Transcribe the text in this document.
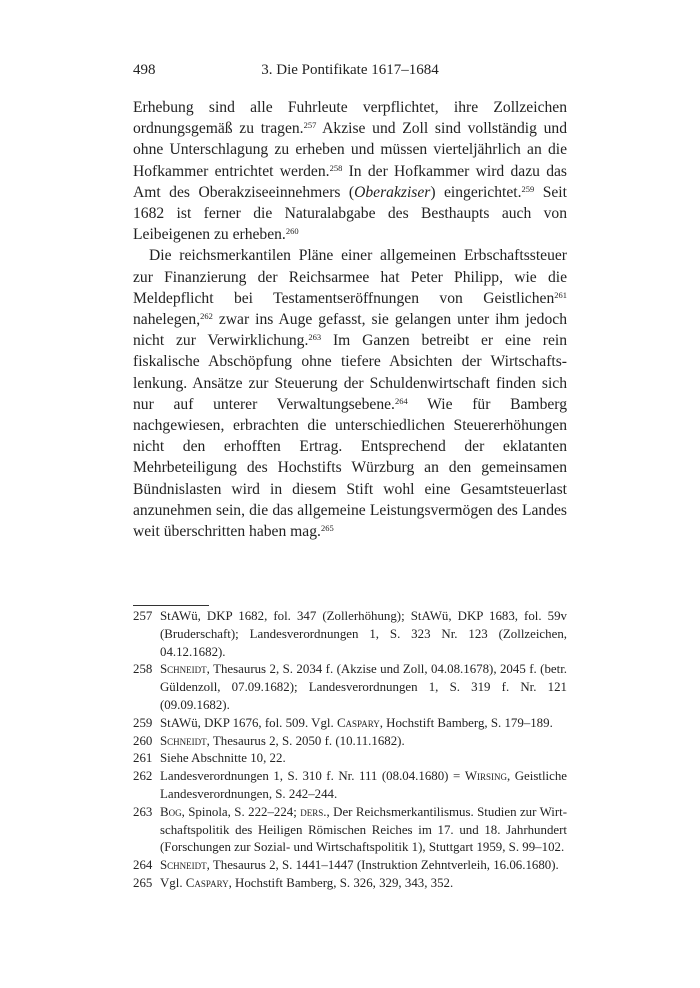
498	3. Die Pontifikate 1617–1684

Erhebung sind alle Fuhrleute verpflichtet, ihre Zollzeichen ordnungsgemäß zu tragen.$^{257}$ Akzise und Zoll sind vollständig und ohne Unterschlagung zu erheben und müssen vierteljährlich an die Hofkammer entrichtet werden.$^{258}$ In der Hofkammer wird dazu das Amt des Oberakziseeinnehmers (Oberakziser) eingerichtet.$^{259}$ Seit 1682 ist ferner die Naturalabgabe des Besthaupts auch von Leibeigenen zu erheben.$^{260}$

Die reichsmerkantilen Pläne einer allgemeinen Erbschaftssteuer zur Finanzierung der Reichsarmee hat Peter Philipp, wie die Meldepflicht bei Testamentseröffnungen von Geistlichen$^{261}$ nahelegen,$^{262}$ zwar ins Auge gefasst, sie gelangen unter ihm jedoch nicht zur Verwirklichung.$^{263}$ Im Ganzen betreibt er eine rein fiskalische Abschöpfung ohne tiefere Absichten der Wirtschaftslenkung. Ansätze zur Steuerung der Schuldenwirtschaft finden sich nur auf unterer Verwaltungsebene.$^{264}$ Wie für Bamberg nachgewiesen, erbrachten die unterschiedlichen Steuererhöhungen nicht den erhofften Ertrag. Entsprechend der eklatanten Mehrbeteiligung des Hochstifts Würzburg an den gemeinsamen Bündnislasten wird in diesem Stift wohl eine Gesamtsteuerlast anzunehmen sein, die das allgemeine Leistungsvermögen des Landes weit überschritten haben mag.$^{265}$

257 StAWü, DKP 1682, fol. 347 (Zollerhöhung); StAWü, DKP 1683, fol. 59v (Bruderschaft); Landesverordnungen 1, S. 323 Nr. 123 (Zollzeichen, 04.12.1682).
258 Schneidt, Thesaurus 2, S. 2034 f. (Akzise und Zoll, 04.08.1678), 2045 f. (betr. Güldenzoll, 07.09.1682); Landesverordnungen 1, S. 319 f. Nr. 121 (09.09.1682).
259 StAWü, DKP 1676, fol. 509. Vgl. Caspary, Hochstift Bamberg, S. 179–189.
260 Schneidt, Thesaurus 2, S. 2050 f. (10.11.1682).
261 Siehe Abschnitte 10, 22.
262 Landesverordnungen 1, S. 310 f. Nr. 111 (08.04.1680) = Wirsing, Geistliche Landesverordnungen, S. 242–244.
263 Bog, Spinola, S. 222–224; ders., Der Reichsmerkantilismus. Studien zur Wirtschaftspolitik des Heiligen Römischen Reiches im 17. und 18. Jahrhundert (Forschungen zur Sozial- und Wirtschaftspolitik 1), Stuttgart 1959, S. 99–102.
264 Schneidt, Thesaurus 2, S. 1441–1447 (Instruktion Zehntverleih, 16.06.1680).
265 Vgl. Caspary, Hochstift Bamberg, S. 326, 329, 343, 352.
